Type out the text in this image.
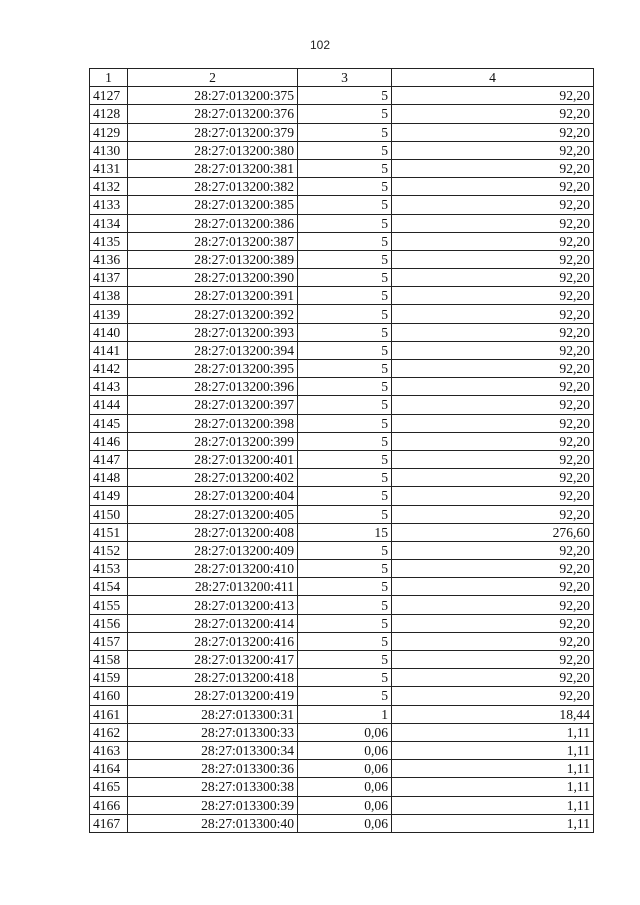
102
1	2	3	4
4127	28:27:013200:375	5	92,20
4128	28:27:013200:376	5	92,20
4129	28:27:013200:379	5	92,20
4130	28:27:013200:380	5	92,20
4131	28:27:013200:381	5	92,20
4132	28:27:013200:382	5	92,20
4133	28:27:013200:385	5	92,20
4134	28:27:013200:386	5	92,20
4135	28:27:013200:387	5	92,20
4136	28:27:013200:389	5	92,20
4137	28:27:013200:390	5	92,20
4138	28:27:013200:391	5	92,20
4139	28:27:013200:392	5	92,20
4140	28:27:013200:393	5	92,20
4141	28:27:013200:394	5	92,20
4142	28:27:013200:395	5	92,20
4143	28:27:013200:396	5	92,20
4144	28:27:013200:397	5	92,20
4145	28:27:013200:398	5	92,20
4146	28:27:013200:399	5	92,20
4147	28:27:013200:401	5	92,20
4148	28:27:013200:402	5	92,20
4149	28:27:013200:404	5	92,20
4150	28:27:013200:405	5	92,20
4151	28:27:013200:408	15	276,60
4152	28:27:013200:409	5	92,20
4153	28:27:013200:410	5	92,20
4154	28:27:013200:411	5	92,20
4155	28:27:013200:413	5	92,20
4156	28:27:013200:414	5	92,20
4157	28:27:013200:416	5	92,20
4158	28:27:013200:417	5	92,20
4159	28:27:013200:418	5	92,20
4160	28:27:013200:419	5	92,20
4161	28:27:013300:31	1	18,44
4162	28:27:013300:33	0,06	1,11
4163	28:27:013300:34	0,06	1,11
4164	28:27:013300:36	0,06	1,11
4165	28:27:013300:38	0,06	1,11
4166	28:27:013300:39	0,06	1,11
4167	28:27:013300:40	0,06	1,11
